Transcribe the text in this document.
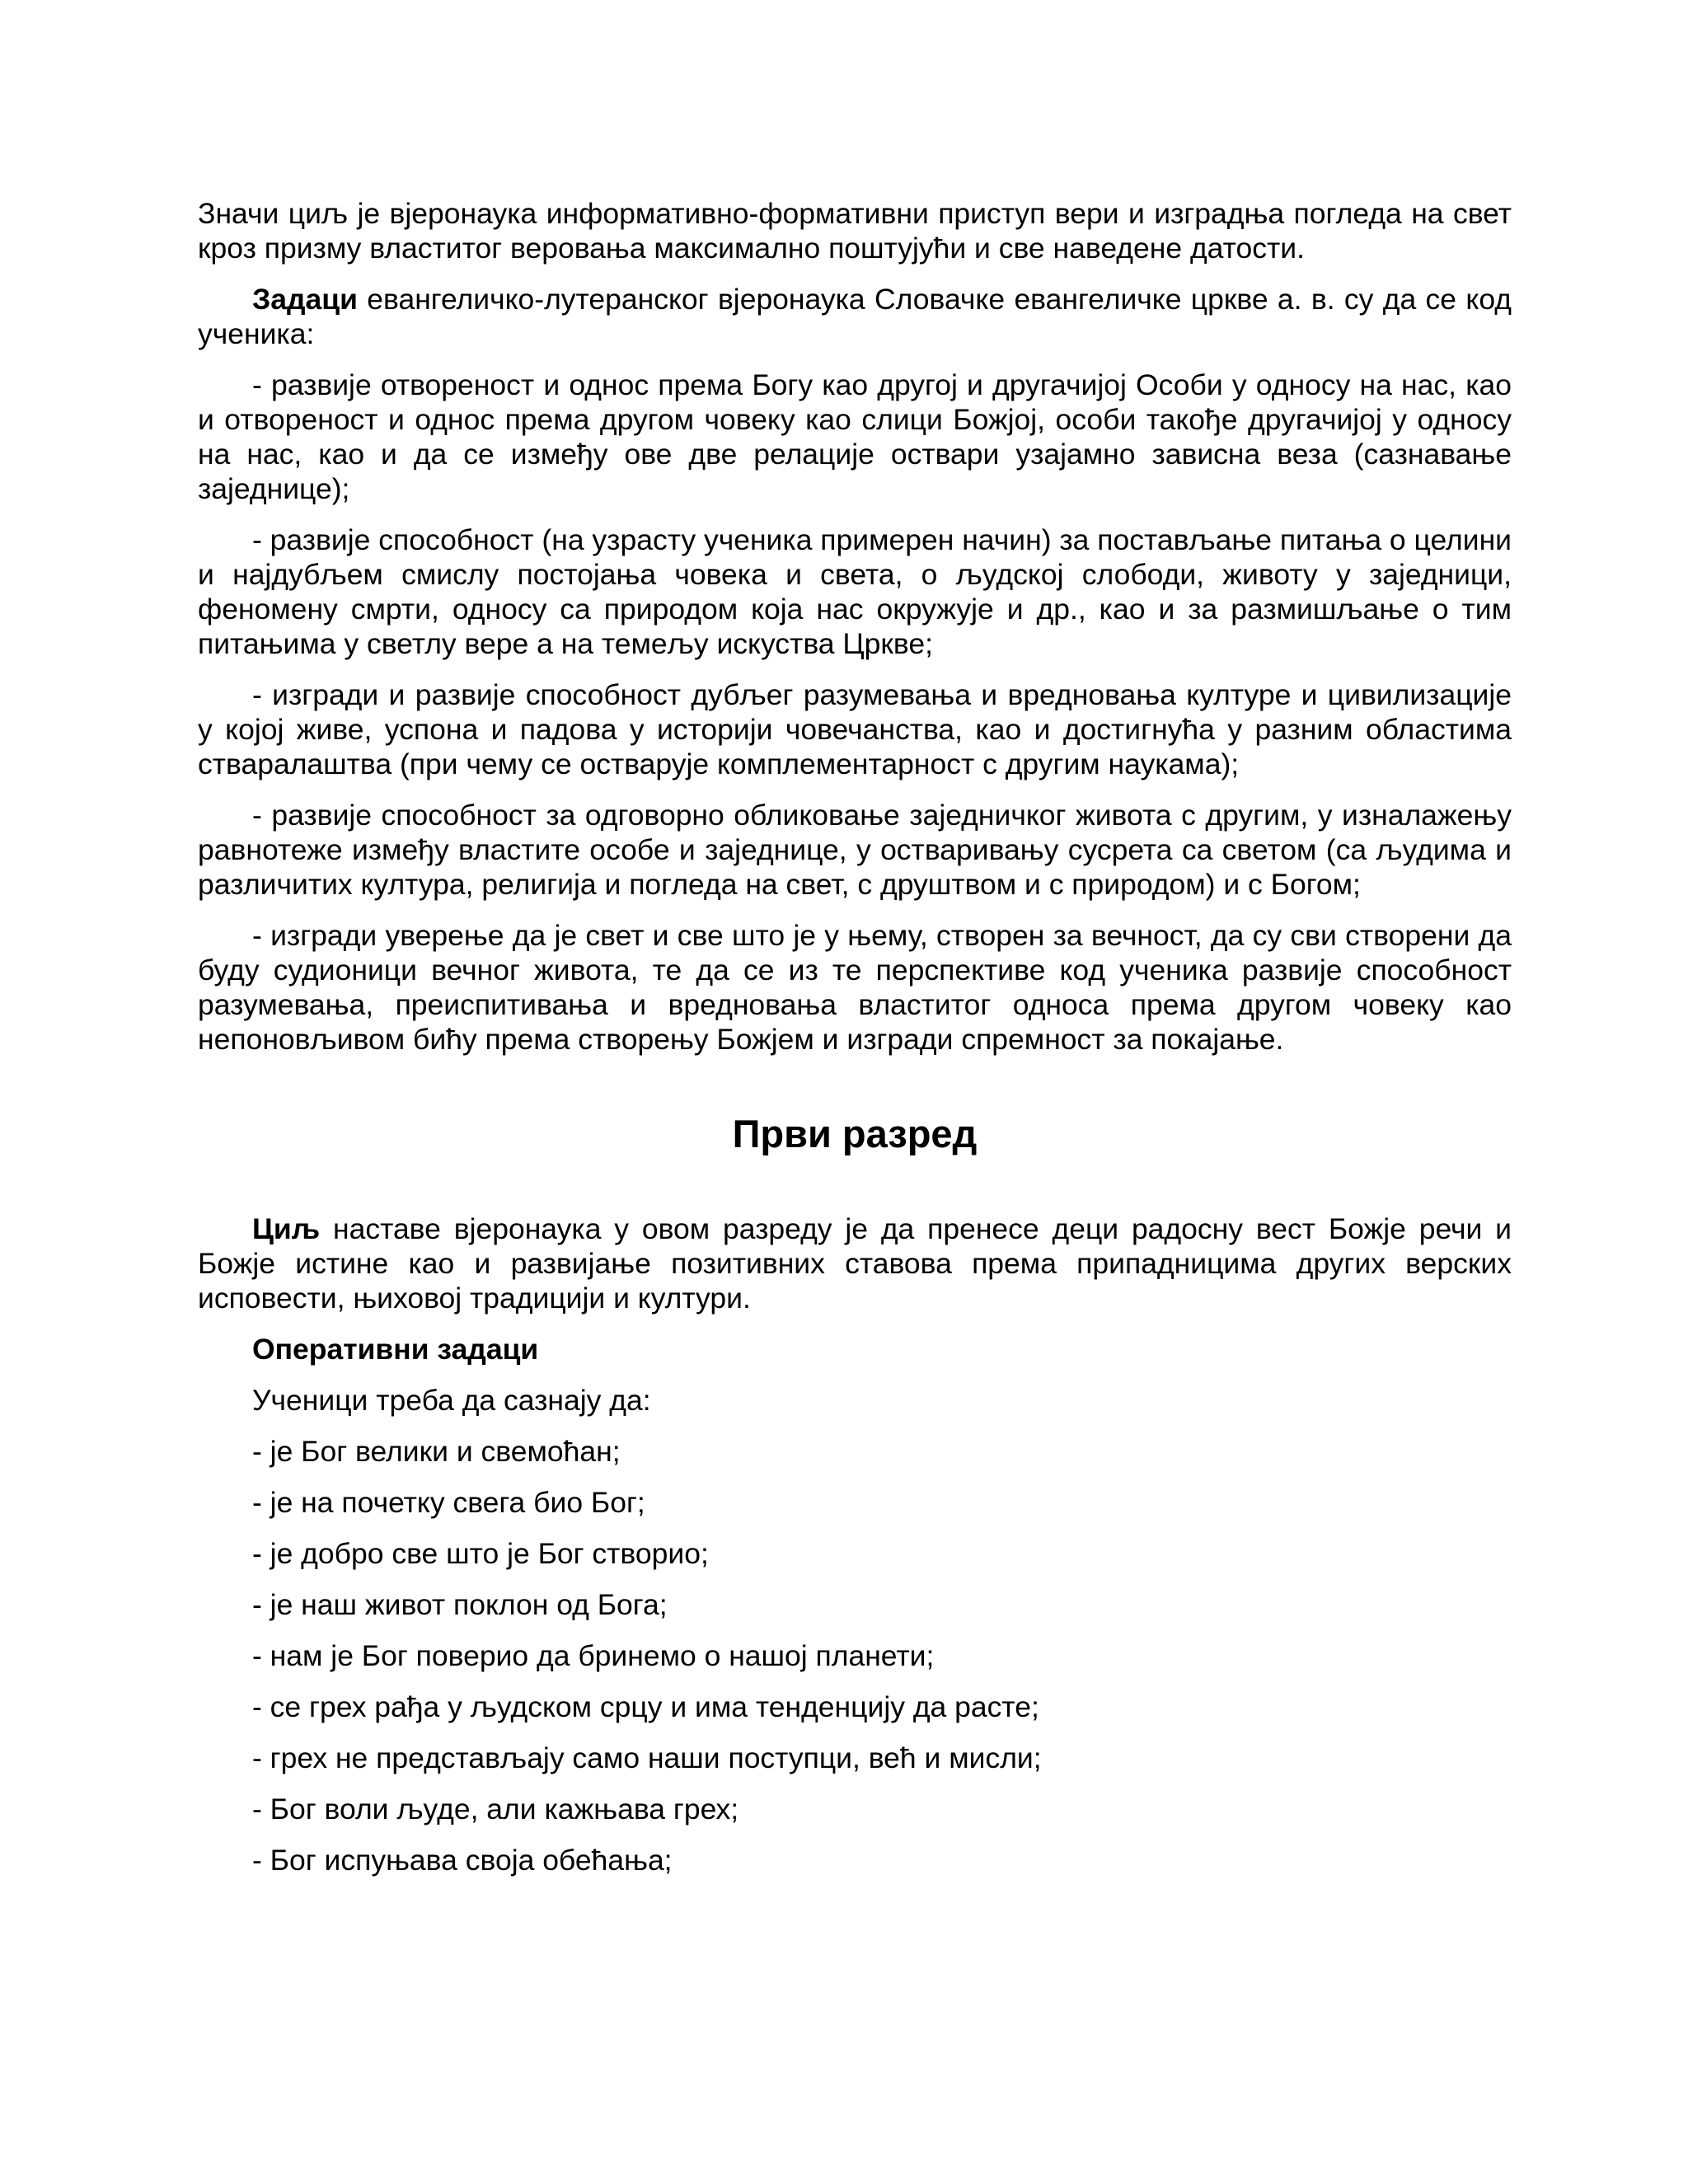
Значи циљ је вјеронаука информативно-формативни приступ вери и изградња погледа на свет кроз призму властитог веровања максимално поштујући и све наведене датости.

Задаци евангеличко-лутеранског вјеронаука Словачке евангеличке цркве а. в. су да се код ученика:

- развије отвореност и однос према Богу као другој и другачијој Особи у односу на нас, као и отвореност и однос према другом човеку као слици Божјој, особи такође другачијој у односу на нас, као и да се између ове две релације оствари узајамно зависна веза (сазнавање заједнице);

- развије способност (на узрасту ученика примерен начин) за постављање питања о целини и најдубљем смислу постојања човека и света, о људској слободи, животу у заједници, феномену смрти, односу са природом која нас окружује и др., као и за размишљање о тим питањима у светлу вере а на темељу искуства Цркве;

- изгради и развије способност дубљег разумевања и вредновања културе и цивилизације у којој живе, успона и падова у историји човечанства, као и достигнућа у разним областима стваралаштва (при чему се остварује комплементарност с другим наукама);

- развије способност за одговорно обликовање заједничког живота с другим, у изналажењу равнотеже између властите особе и заједнице, у остваривању сусрета са светом (са људима и различитих култура, религија и погледа на свет, с друштвом и с природом) и с Богом;

- изгради уверење да је свет и све што је у њему, створен за вечност, да су сви створени да буду судионици вечног живота, те да се из те перспективе код ученика развије способност разумевања, преиспитивања и вредновања властитог односа према другом човеку као непоновљивом бићу према створењу Божјем и изгради спремност за покајање.

Први разред

Циљ наставе вјеронаука у овом разреду је да пренесе деци радосну вест Божје речи и Божје истине као и развијање позитивних ставова према припадницима других верских исповести, њиховој традицији и култури.

Оперативни задаци
Ученици треба да сазнају да:
- је Бог велики и свемоћан;
- је на почетку свега био Бог;
- је добро све што је Бог створио;
- је наш живот поклон од Бога;
- нам је Бог поверио да бринемо о нашој планети;
- се грех рађа у људском срцу и има тенденцију да расте;
- грех не представљају само наши поступци, већ и мисли;
- Бог воли људе, али кажњава грех;
- Бог испуњава своја обећања;
